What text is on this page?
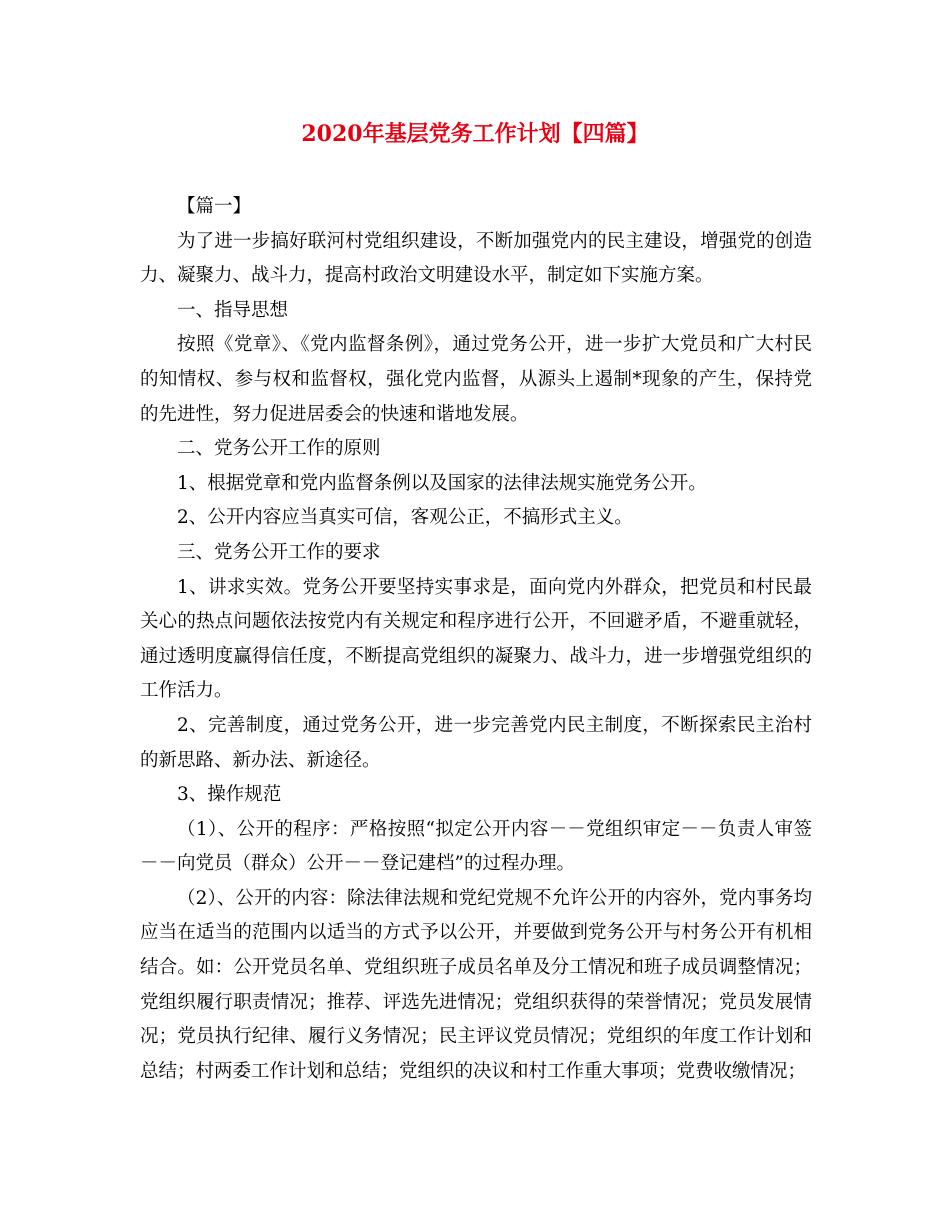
2020年基层党务工作计划【四篇】

【篇一】

为了进一步搞好联河村党组织建设，不断加强党内的民主建设，增强党的创造力、凝聚力、战斗力，提高村政治文明建设水平，制定如下实施方案。

一、指导思想

按照《党章》、《党内监督条例》，通过党务公开，进一步扩大党员和广大村民的知情权、参与权和监督权，强化党内监督，从源头上遏制*现象的产生，保持党的先进性，努力促进居委会的快速和谐地发展。

二、党务公开工作的原则

1、根据党章和党内监督条例以及国家的法律法规实施党务公开。

2、公开内容应当真实可信，客观公正，不搞形式主义。

三、党务公开工作的要求

1、讲求实效。党务公开要坚持实事求是，面向党内外群众，把党员和村民最关心的热点问题依法按党内有关规定和程序进行公开，不回避矛盾，不避重就轻，通过透明度赢得信任度，不断提高党组织的凝聚力、战斗力，进一步增强党组织的工作活力。

2、完善制度，通过党务公开，进一步完善党内民主制度，不断探索民主治村的新思路、新办法、新途径。

3、操作规范

（1）、公开的程序：严格按照“拟定公开内容－－党组织审定－－负责人审签－－向党员（群众）公开－－登记建档”的过程办理。

（2）、公开的内容：除法律法规和党纪党规不允许公开的内容外，党内事务均应当在适当的范围内以适当的方式予以公开，并要做到党务公开与村务公开有机相结合。如：公开党员名单、党组织班子成员名单及分工情况和班子成员调整情况；党组织履行职责情况；推荐、评选先进情况；党组织获得的荣誉情况；党员发展情况；党员执行纪律、履行义务情况；民主评议党员情况；党组织的年度工作计划和总结；村两委工作计划和总结；党组织的决议和村工作重大事项；党费收缴情况；
